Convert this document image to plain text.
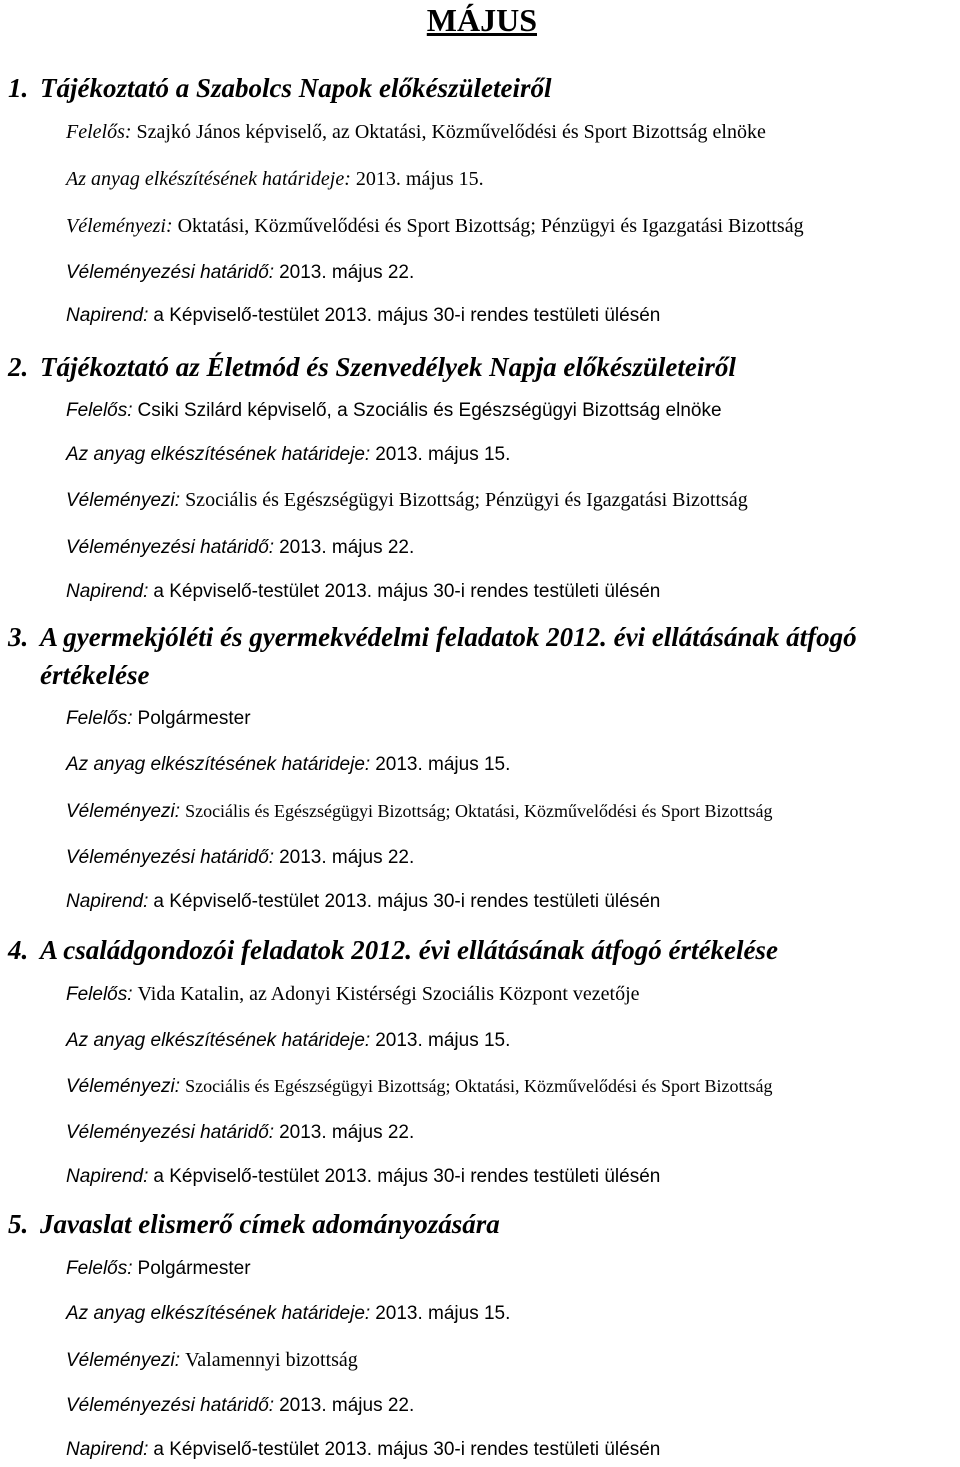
MÁJUS
1. Tájékoztató a Szabolcs Napok előkészületeiről
Felelős: Szajkó János képviselő, az Oktatási, Közművelődési és Sport Bizottság elnöke
Az anyag elkészítésének határideje: 2013. május 15.
Véleményezi: Oktatási, Közművelődési és Sport Bizottság; Pénzügyi és Igazgatási Bizottság
Véleményezési határidő: 2013. május 22.
Napirend: a Képviselő-testület 2013. május 30-i rendes testületi ülésén
2. Tájékoztató az Életmód és Szenvedélyek Napja előkészületeiről
Felelős: Csiki Szilárd képviselő, a Szociális és Egészségügyi Bizottság elnöke
Az anyag elkészítésének határideje: 2013. május 15.
Véleményezi: Szociális és Egészségügyi Bizottság; Pénzügyi és Igazgatási Bizottság
Véleményezési határidő: 2013. május 22.
Napirend: a Képviselő-testület 2013. május 30-i rendes testületi ülésén
3. A gyermekjóléti és gyermekvédelmi feladatok 2012. évi ellátásának átfogó
értékelése
Felelős: Polgármester
Az anyag elkészítésének határideje: 2013. május 15.
Véleményezi: Szociális és Egészségügyi Bizottság; Oktatási, Közművelődési és Sport Bizottság
Véleményezési határidő: 2013. május 22.
Napirend: a Képviselő-testület 2013. május 30-i rendes testületi ülésén
4. A családgondozói feladatok 2012. évi ellátásának átfogó értékelése
Felelős: Vida Katalin, az Adonyi Kistérségi Szociális Központ vezetője
Az anyag elkészítésének határideje: 2013. május 15.
Véleményezi: Szociális és Egészségügyi Bizottság; Oktatási, Közművelődési és Sport Bizottság
Véleményezési határidő: 2013. május 22.
Napirend: a Képviselő-testület 2013. május 30-i rendes testületi ülésén
5. Javaslat elismerő címek adományozására
Felelős: Polgármester
Az anyag elkészítésének határideje: 2013. május 15.
Véleményezi: Valamennyi bizottság
Véleményezési határidő: 2013. május 22.
Napirend: a Képviselő-testület 2013. május 30-i rendes testületi ülésén
